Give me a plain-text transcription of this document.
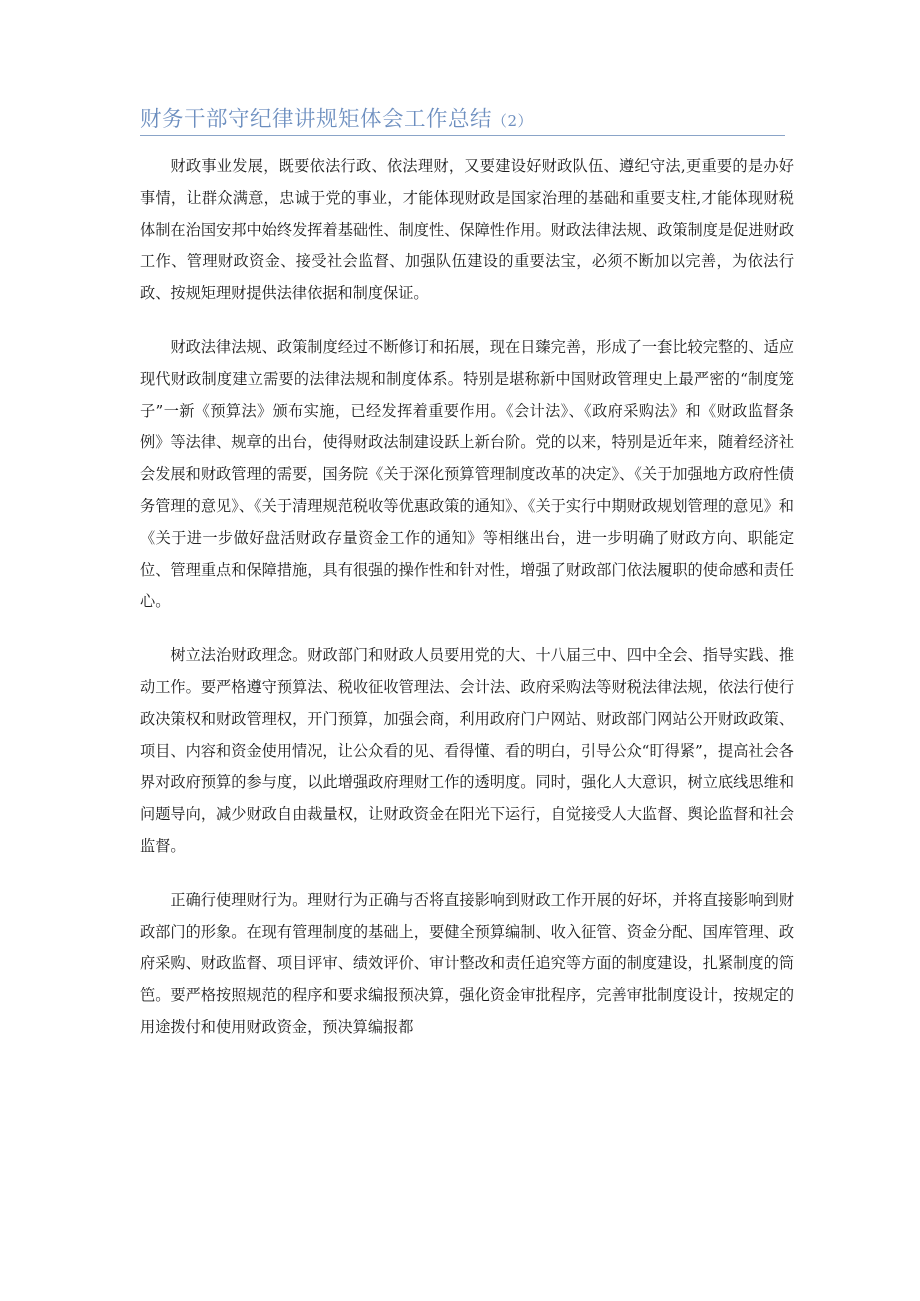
财务干部守纪律讲规矩体会工作总结（2）

财政事业发展，既要依法行政、依法理财，又要建设好财政队伍、遵纪守法,更重要的是办好事情，让群众满意，忠诚于党的事业，才能体现财政是国家治理的基础和重要支柱,才能体现财税体制在治国安邦中始终发挥着基础性、制度性、保障性作用。财政法律法规、政策制度是促进财政工作、管理财政资金、接受社会监督、加强队伍建设的重要法宝，必须不断加以完善，为依法行政、按规矩理财提供法律依据和制度保证。

财政法律法规、政策制度经过不断修订和拓展，现在日臻完善，形成了一套比较完整的、适应现代财政制度建立需要的法律法规和制度体系。特别是堪称新中国财政管理史上最严密的“制度笼子”一新《预算法》颁布实施，已经发挥着重要作用。《会计法》、《政府采购法》和《财政监督条例》等法律、规章的出台，使得财政法制建设跃上新台阶。党的以来，特别是近年来，随着经济社会发展和财政管理的需要，国务院《关于深化预算管理制度改革的决定》、《关于加强地方政府性债务管理的意见》、《关于清理规范税收等优惠政策的通知》、《关于实行中期财政规划管理的意见》和《关于进一步做好盘活财政存量资金工作的通知》等相继出台，进一步明确了财政方向、职能定位、管理重点和保障措施，具有很强的操作性和针对性，增强了财政部门依法履职的使命感和责任心。

树立法治财政理念。财政部门和财政人员要用党的大、十八届三中、四中全会、指导实践、推动工作。要严格遵守预算法、税收征收管理法、会计法、政府采购法等财税法律法规，依法行使行政决策权和财政管理权，开门预算，加强会商，利用政府门户网站、财政部门网站公开财政政策、项目、内容和资金使用情况，让公众看的见、看得懂、看的明白，引导公众“盯得紧”，提高社会各界对政府预算的参与度，以此增强政府理财工作的透明度。同时，强化人大意识，树立底线思维和问题导向，减少财政自由裁量权，让财政资金在阳光下运行，自觉接受人大监督、舆论监督和社会监督。

正确行使理财行为。理财行为正确与否将直接影响到财政工作开展的好坏，并将直接影响到财政部门的形象。在现有管理制度的基础上，要健全预算编制、收入征管、资金分配、国库管理、政府采购、财政监督、项目评审、绩效评价、审计整改和责任追究等方面的制度建设，扎紧制度的筒笆。要严格按照规范的程序和要求编报预决算，强化资金审批程序，完善审批制度设计，按规定的用途拨付和使用财政资金，预决算编报都
